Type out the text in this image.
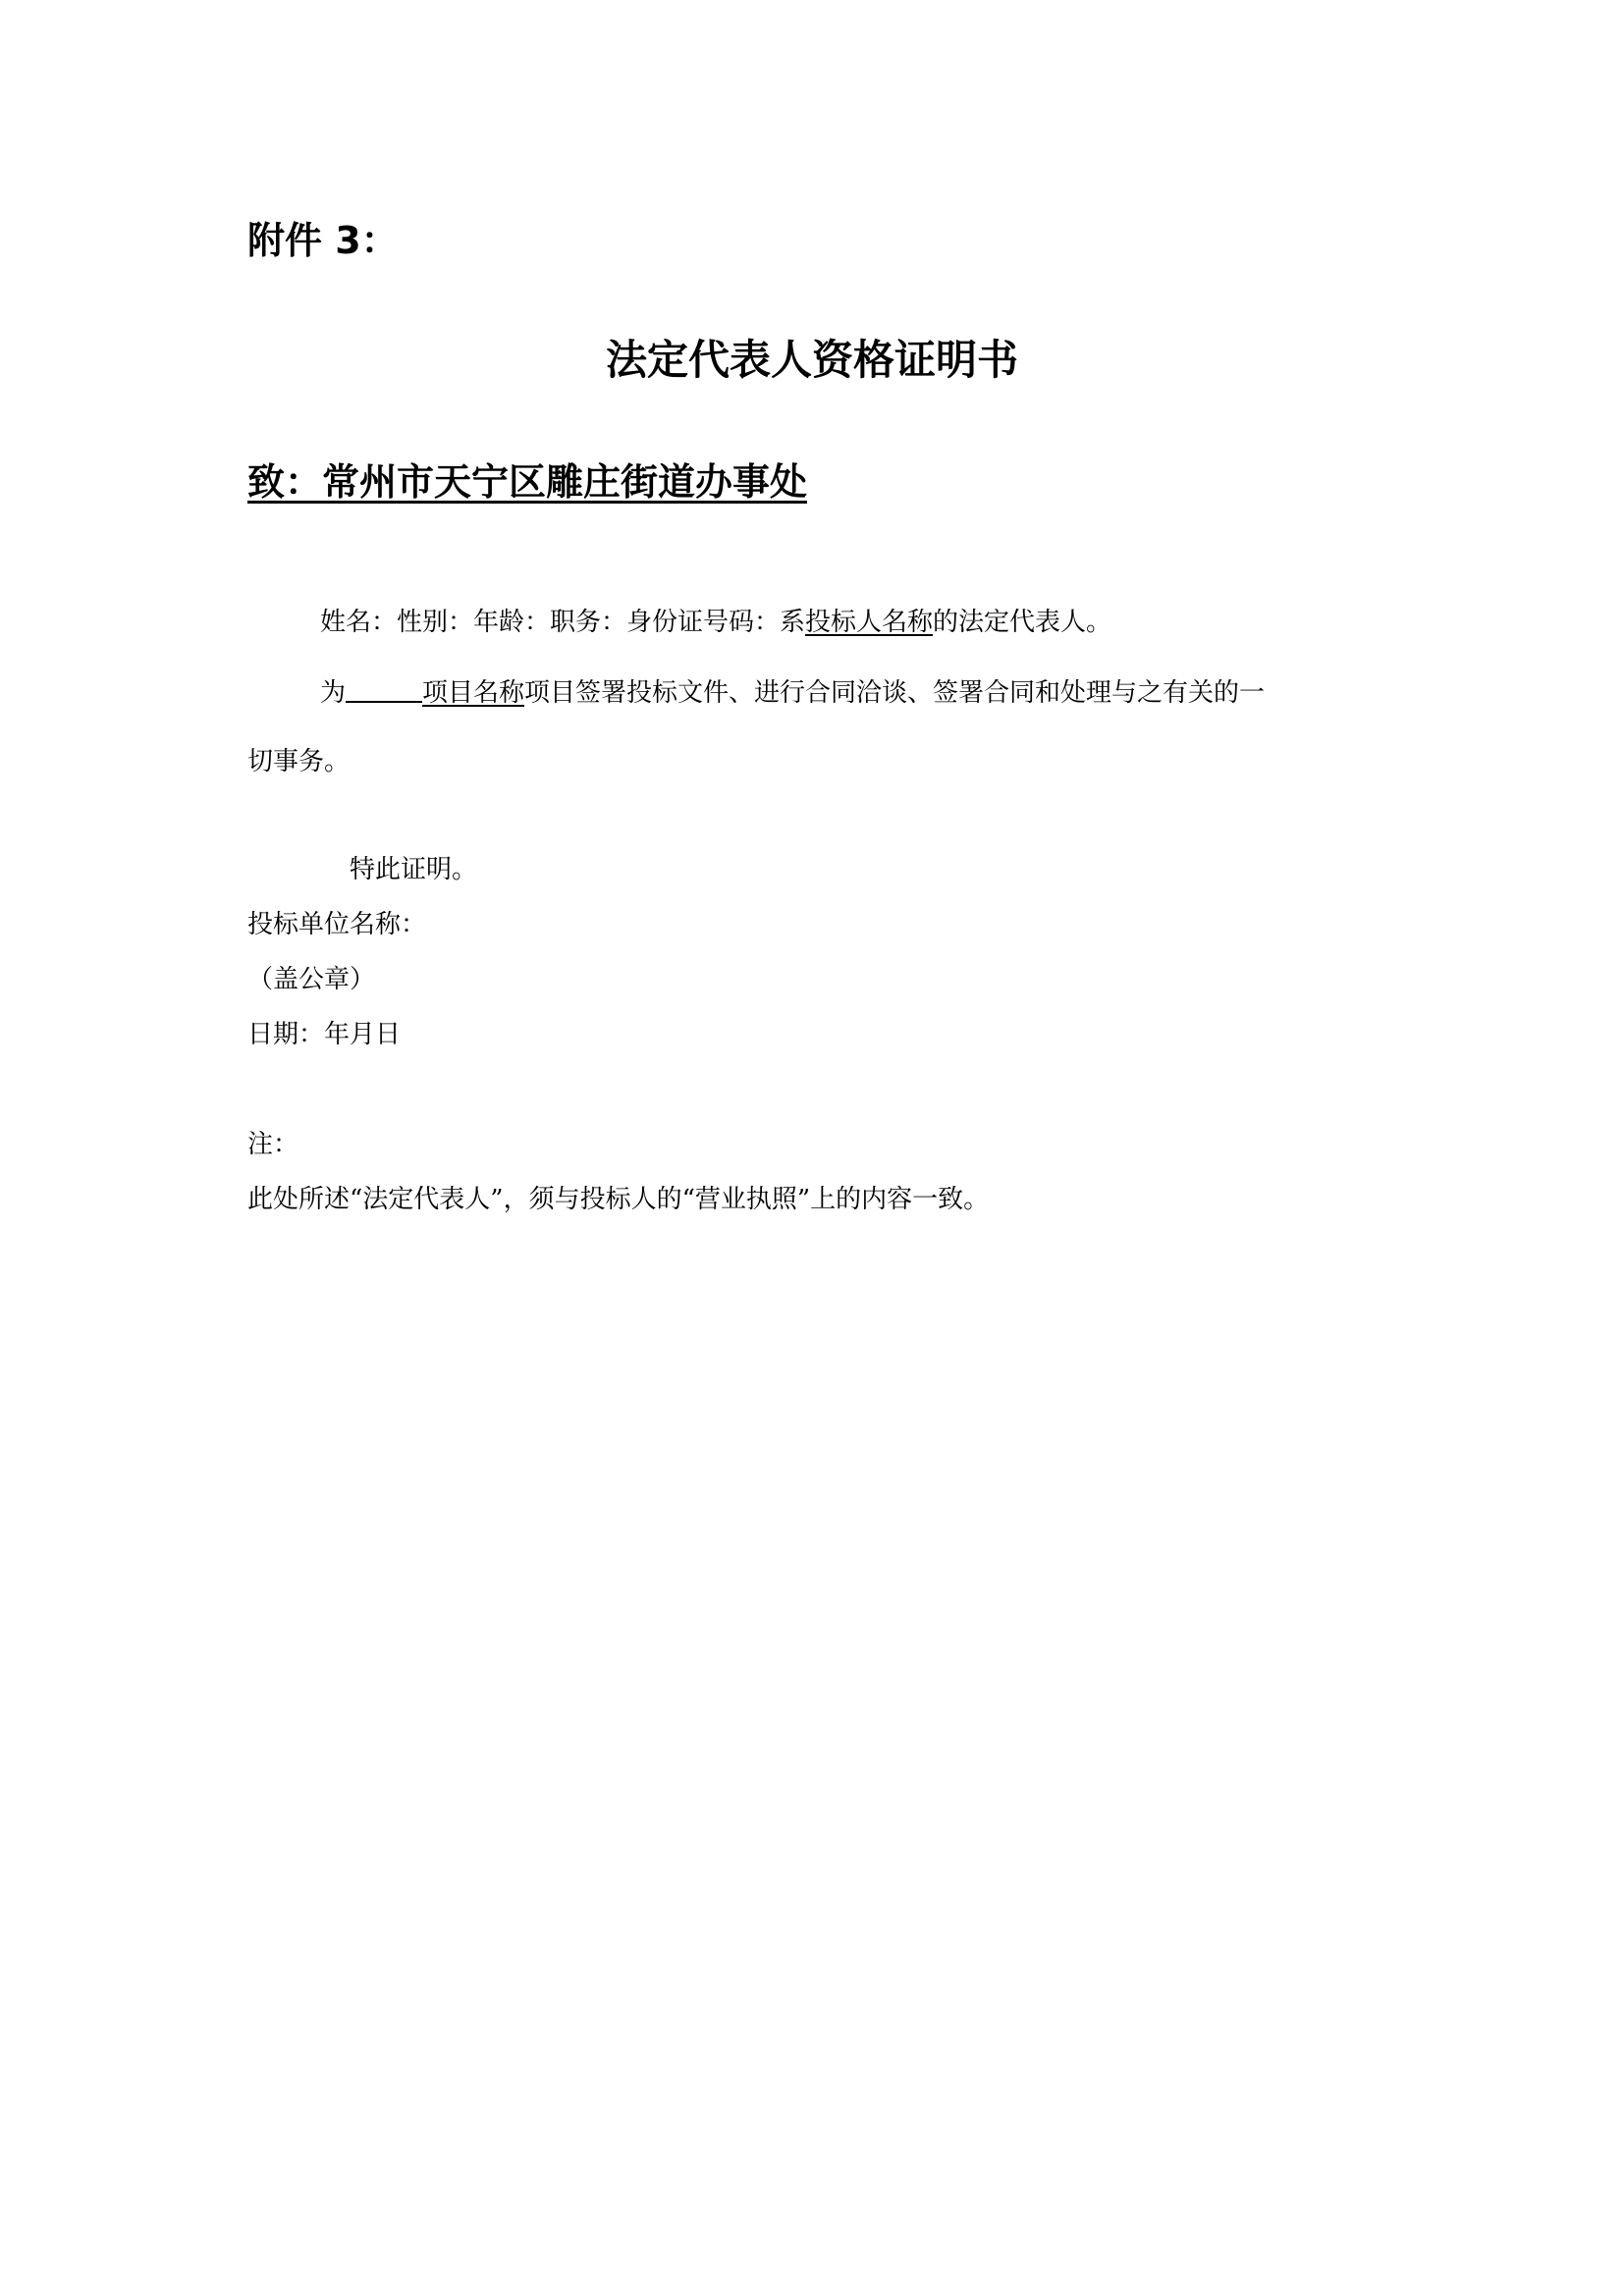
附件 3：
法定代表人资格证明书
致：常州市天宁区雕庄街道办事处
姓名：性别：年龄：职务：身份证号码：系投标人名称的法定代表人。
为	项目名称项目签署投标文件、进行合同洽谈、签署合同和处理与之有关的一
切事务。
特此证明。
投标单位名称：
（盖公章）
日期：年月日
注：
此处所述“法定代表人”，须与投标人的“营业执照”上的内容一致。
